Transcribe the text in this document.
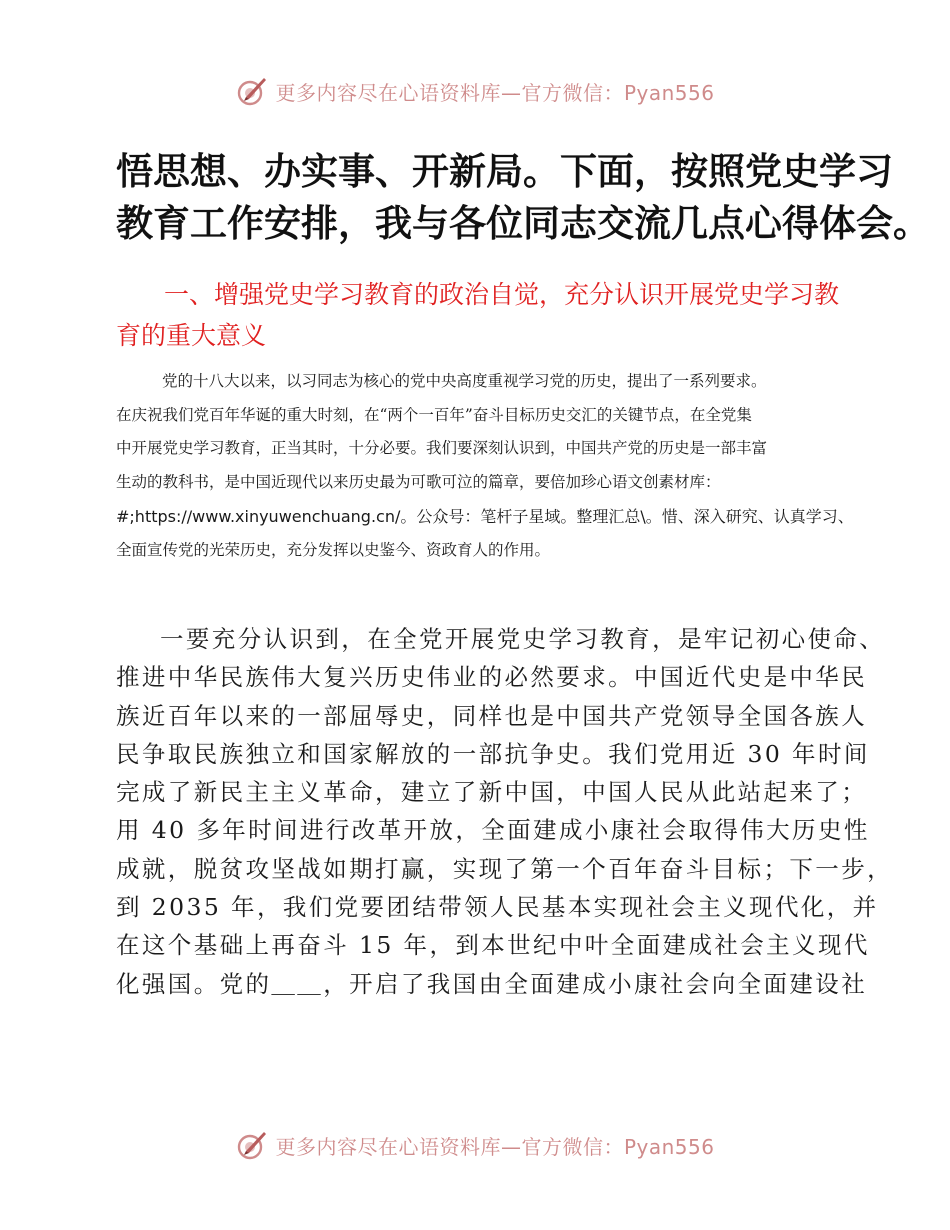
更多内容尽在心语资料库—官方微信：Pyan556
悟思想、办实事、开新局。下面，按照党史学习
教育工作安排，我与各位同志交流几点心得体会。
一、增强党史学习教育的政治自觉，充分认识开展党史学习教
育的重大意义
党的十八大以来，以习同志为核心的党中央高度重视学习党的历史，提出了一系列要求。
在庆祝我们党百年华诞的重大时刻，在“两个一百年”奋斗目标历史交汇的关键节点，在全党集
中开展党史学习教育，正当其时，十分必要。我们要深刻认识到，中国共产党的历史是一部丰富
生动的教科书，是中国近现代以来历史最为可歌可泣的篇章，要倍加珍心语文创素材库：
#;https://www.xinyuwenchuang.cn/。公众号：笔杆子星域。整理汇总\。惜、深入研究、认真学习、
全面宣传党的光荣历史，充分发挥以史鉴今、资政育人的作用。
一要充分认识到，在全党开展党史学习教育，是牢记初心使命、
推进中华民族伟大复兴历史伟业的必然要求。中国近代史是中华民
族近百年以来的一部屈辱史，同样也是中国共产党领导全国各族人
民争取民族独立和国家解放的一部抗争史。我们党用近 30 年时间
完成了新民主主义革命，建立了新中国，中国人民从此站起来了；
用 40 多年时间进行改革开放，全面建成小康社会取得伟大历史性
成就，脱贫攻坚战如期打赢，实现了第一个百年奋斗目标；下一步，
到 2035 年，我们党要团结带领人民基本实现社会主义现代化，并
在这个基础上再奋斗 15 年，到本世纪中叶全面建成社会主义现代
化强国。党的＿＿，开启了我国由全面建成小康社会向全面建设社
更多内容尽在心语资料库—官方微信：Pyan556
